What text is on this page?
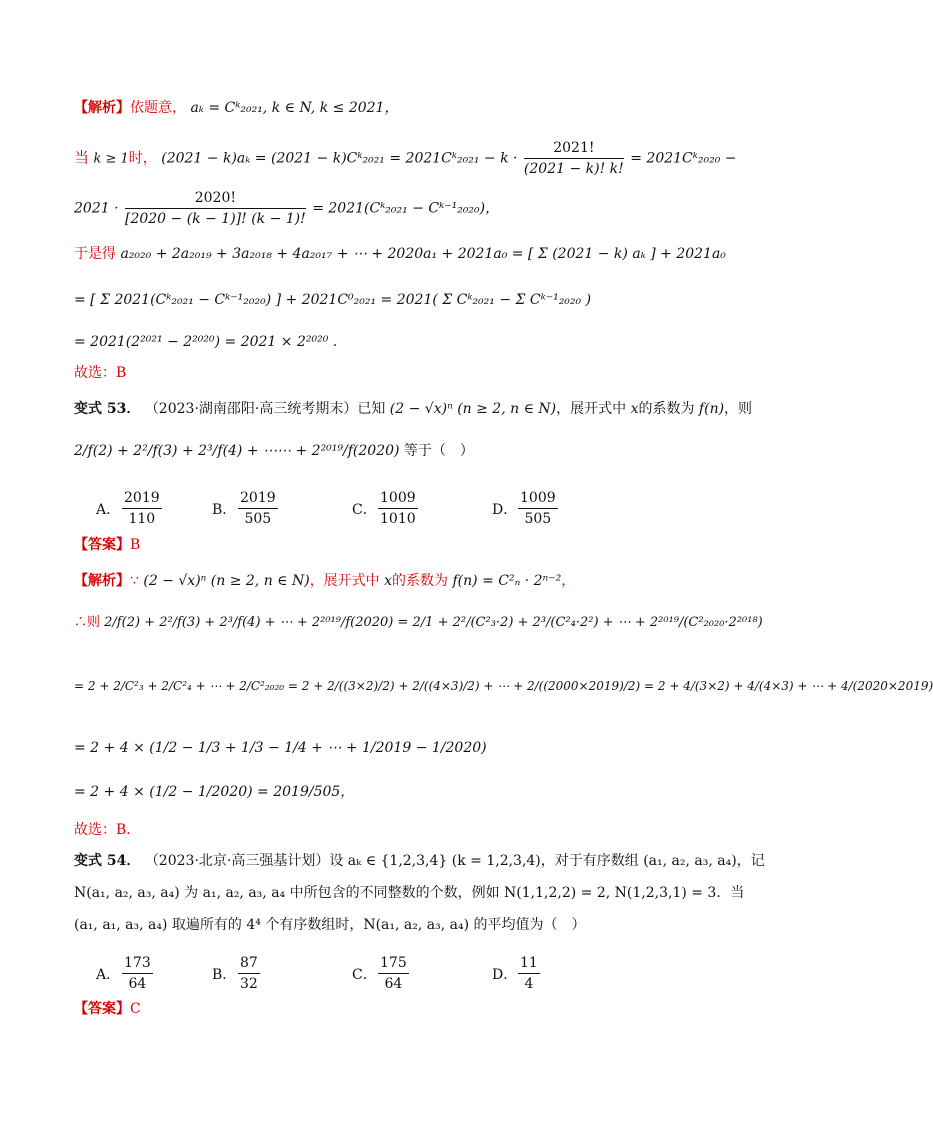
【解析】依题意， aₖ = Cᵏ₂₀₂₁, k ∈ N, k ≤ 2021，
当 k ≥ 1时， (2021 − k)aₖ = (2021 − k)Cᵏ₂₀₂₁ = 2021Cᵏ₂₀₂₁ − $k \cdot \frac{2021!}{(2021 - k)! k!}$ = 2021Cᵏ₂₀₂₀ −
$2021 \cdot \frac{2020!}{[2020 - (k - 1)]! (k - 1)!}$ = 2021(Cᵏ₂₀₂₁ − Cᵏ⁻¹₂₀₂₀)，
于是得 a₂₀₂₀ + 2a₂₀₁₉ + 3a₂₀₁₈ + 4a₂₀₁₇ + ⋯ + 2020a₁ + 2021a₀ = [ Σ (2021 − k) aₖ ] + 2021a₀
= [ Σ 2021(Cᵏ₂₀₂₁ − Cᵏ⁻¹₂₀₂₀) ] + 2021C⁰₂₀₂₁ = 2021( Σ Cᵏ₂₀₂₁ − Σ Cᵏ⁻¹₂₀₂₀ )
= 2021(2²⁰²¹ − 2²⁰²⁰) = 2021 × 2²⁰²⁰ .
故选：B
变式 53． （2023·湖南邵阳·高三统考期末）已知 (2 − √x)ⁿ (n ≥ 2, n ∈ N)，展开式中 x的系数为 f(n)，则
2/f(2) + 2²/f(3) + 2³/f(4) + ⋯⋯ + 2²⁰¹⁹/f(2020) 等于（　）
A． $\frac{2019}{110}$	B． $\frac{2019}{505}$	C． $\frac{1009}{1010}$	D． $\frac{1009}{505}$
【答案】B
【解析】∵ (2 − √x)ⁿ (n ≥ 2, n ∈ N)，展开式中 x的系数为 f(n) = C²ₙ · 2ⁿ⁻²，
∴则 2/f(2) + 2²/f(3) + 2³/f(4) + ⋯ + 2²⁰¹⁹/f(2020) = 2/1 + 2²/(C²₃·2) + 2³/(C²₄·2²) + ⋯ + 2²⁰¹⁹/(C²₂₀₂₀·2²⁰¹⁸)
= 2 + 2/C²₃ + 2/C²₄ + ⋯ + 2/C²₂₀₂₀ = 2 + 2/((3×2)/2) + 2/((4×3)/2) + ⋯ + 2/((2000×2019)/2) = 2 + 4/(3×2) + 4/(4×3) + ⋯ + 4/(2020×2019)
= 2 + 4 × (1/2 − 1/3 + 1/3 − 1/4 + ⋯ + 1/2019 − 1/2020)
= 2 + 4 × (1/2 − 1/2020) = 2019/505，
故选：B．
变式 54． （2023·北京·高三强基计划）设 aₖ ∈ {1,2,3,4} (k = 1,2,3,4)，对于有序数组 (a₁, a₂, a₃, a₄)，记
N(a₁, a₂, a₃, a₄) 为 a₁, a₂, a₃, a₄ 中所包含的不同整数的个数，例如 N(1,1,2,2) = 2, N(1,2,3,1) = 3．当
(a₁, a₁, a₃, a₄) 取遍所有的 4⁴ 个有序数组时，N(a₁, a₂, a₃, a₄) 的平均值为（　）
A． $\frac{173}{64}$	B． $\frac{87}{32}$	C． $\frac{175}{64}$	D． $\frac{11}{4}$
【答案】C
